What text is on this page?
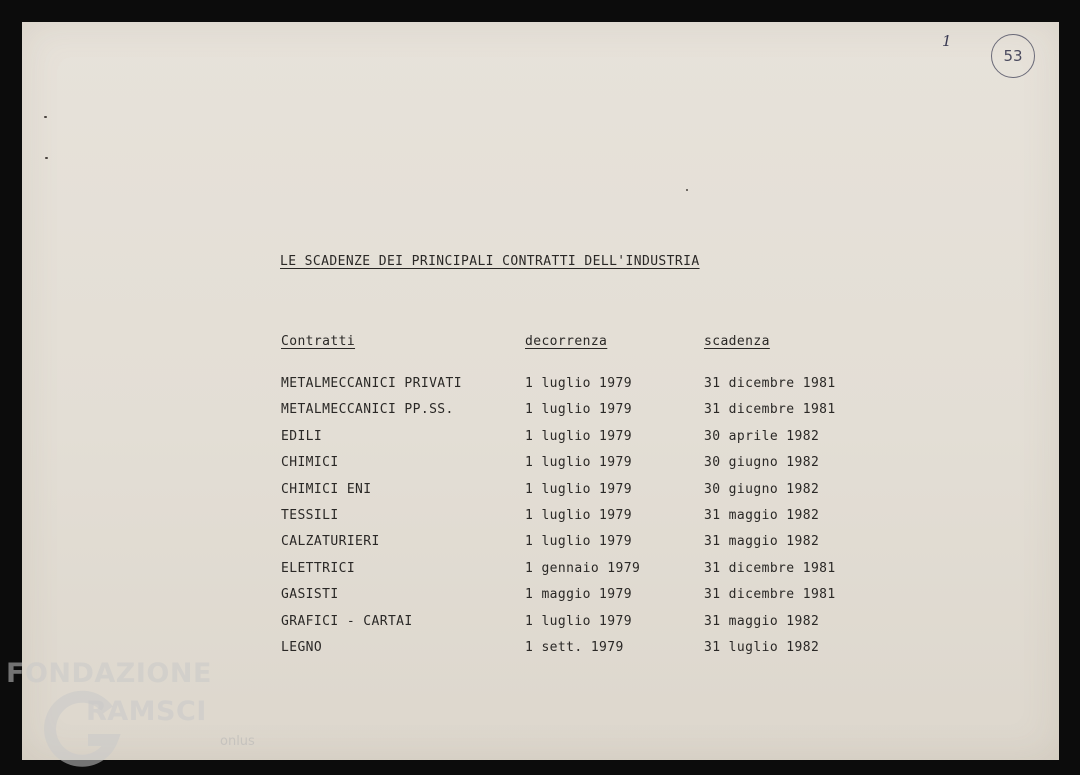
1
53
LE SCADENZE DEI PRINCIPALI CONTRATTI DELL'INDUSTRIA
Contratti	decorrenza	scadenza
METALMECCANICI PRIVATI	1 luglio 1979	31 dicembre 1981
METALMECCANICI PP.SS.	1 luglio 1979	31 dicembre 1981
EDILI	1 luglio 1979	30 aprile 1982
CHIMICI	1 luglio 1979	30 giugno 1982
CHIMICI ENI	1 luglio 1979	30 giugno 1982
TESSILI	1 luglio 1979	31 maggio 1982
CALZATURIERI	1 luglio 1979	31 maggio 1982
ELETTRICI	1 gennaio 1979	31 dicembre 1981
GASISTI	1 maggio 1979	31 dicembre 1981
GRAFICI - CARTAI	1 luglio 1979	31 maggio 1982
LEGNO	1 sett. 1979	31 luglio 1982
FONDAZIONE
RAMSCI
onlus
